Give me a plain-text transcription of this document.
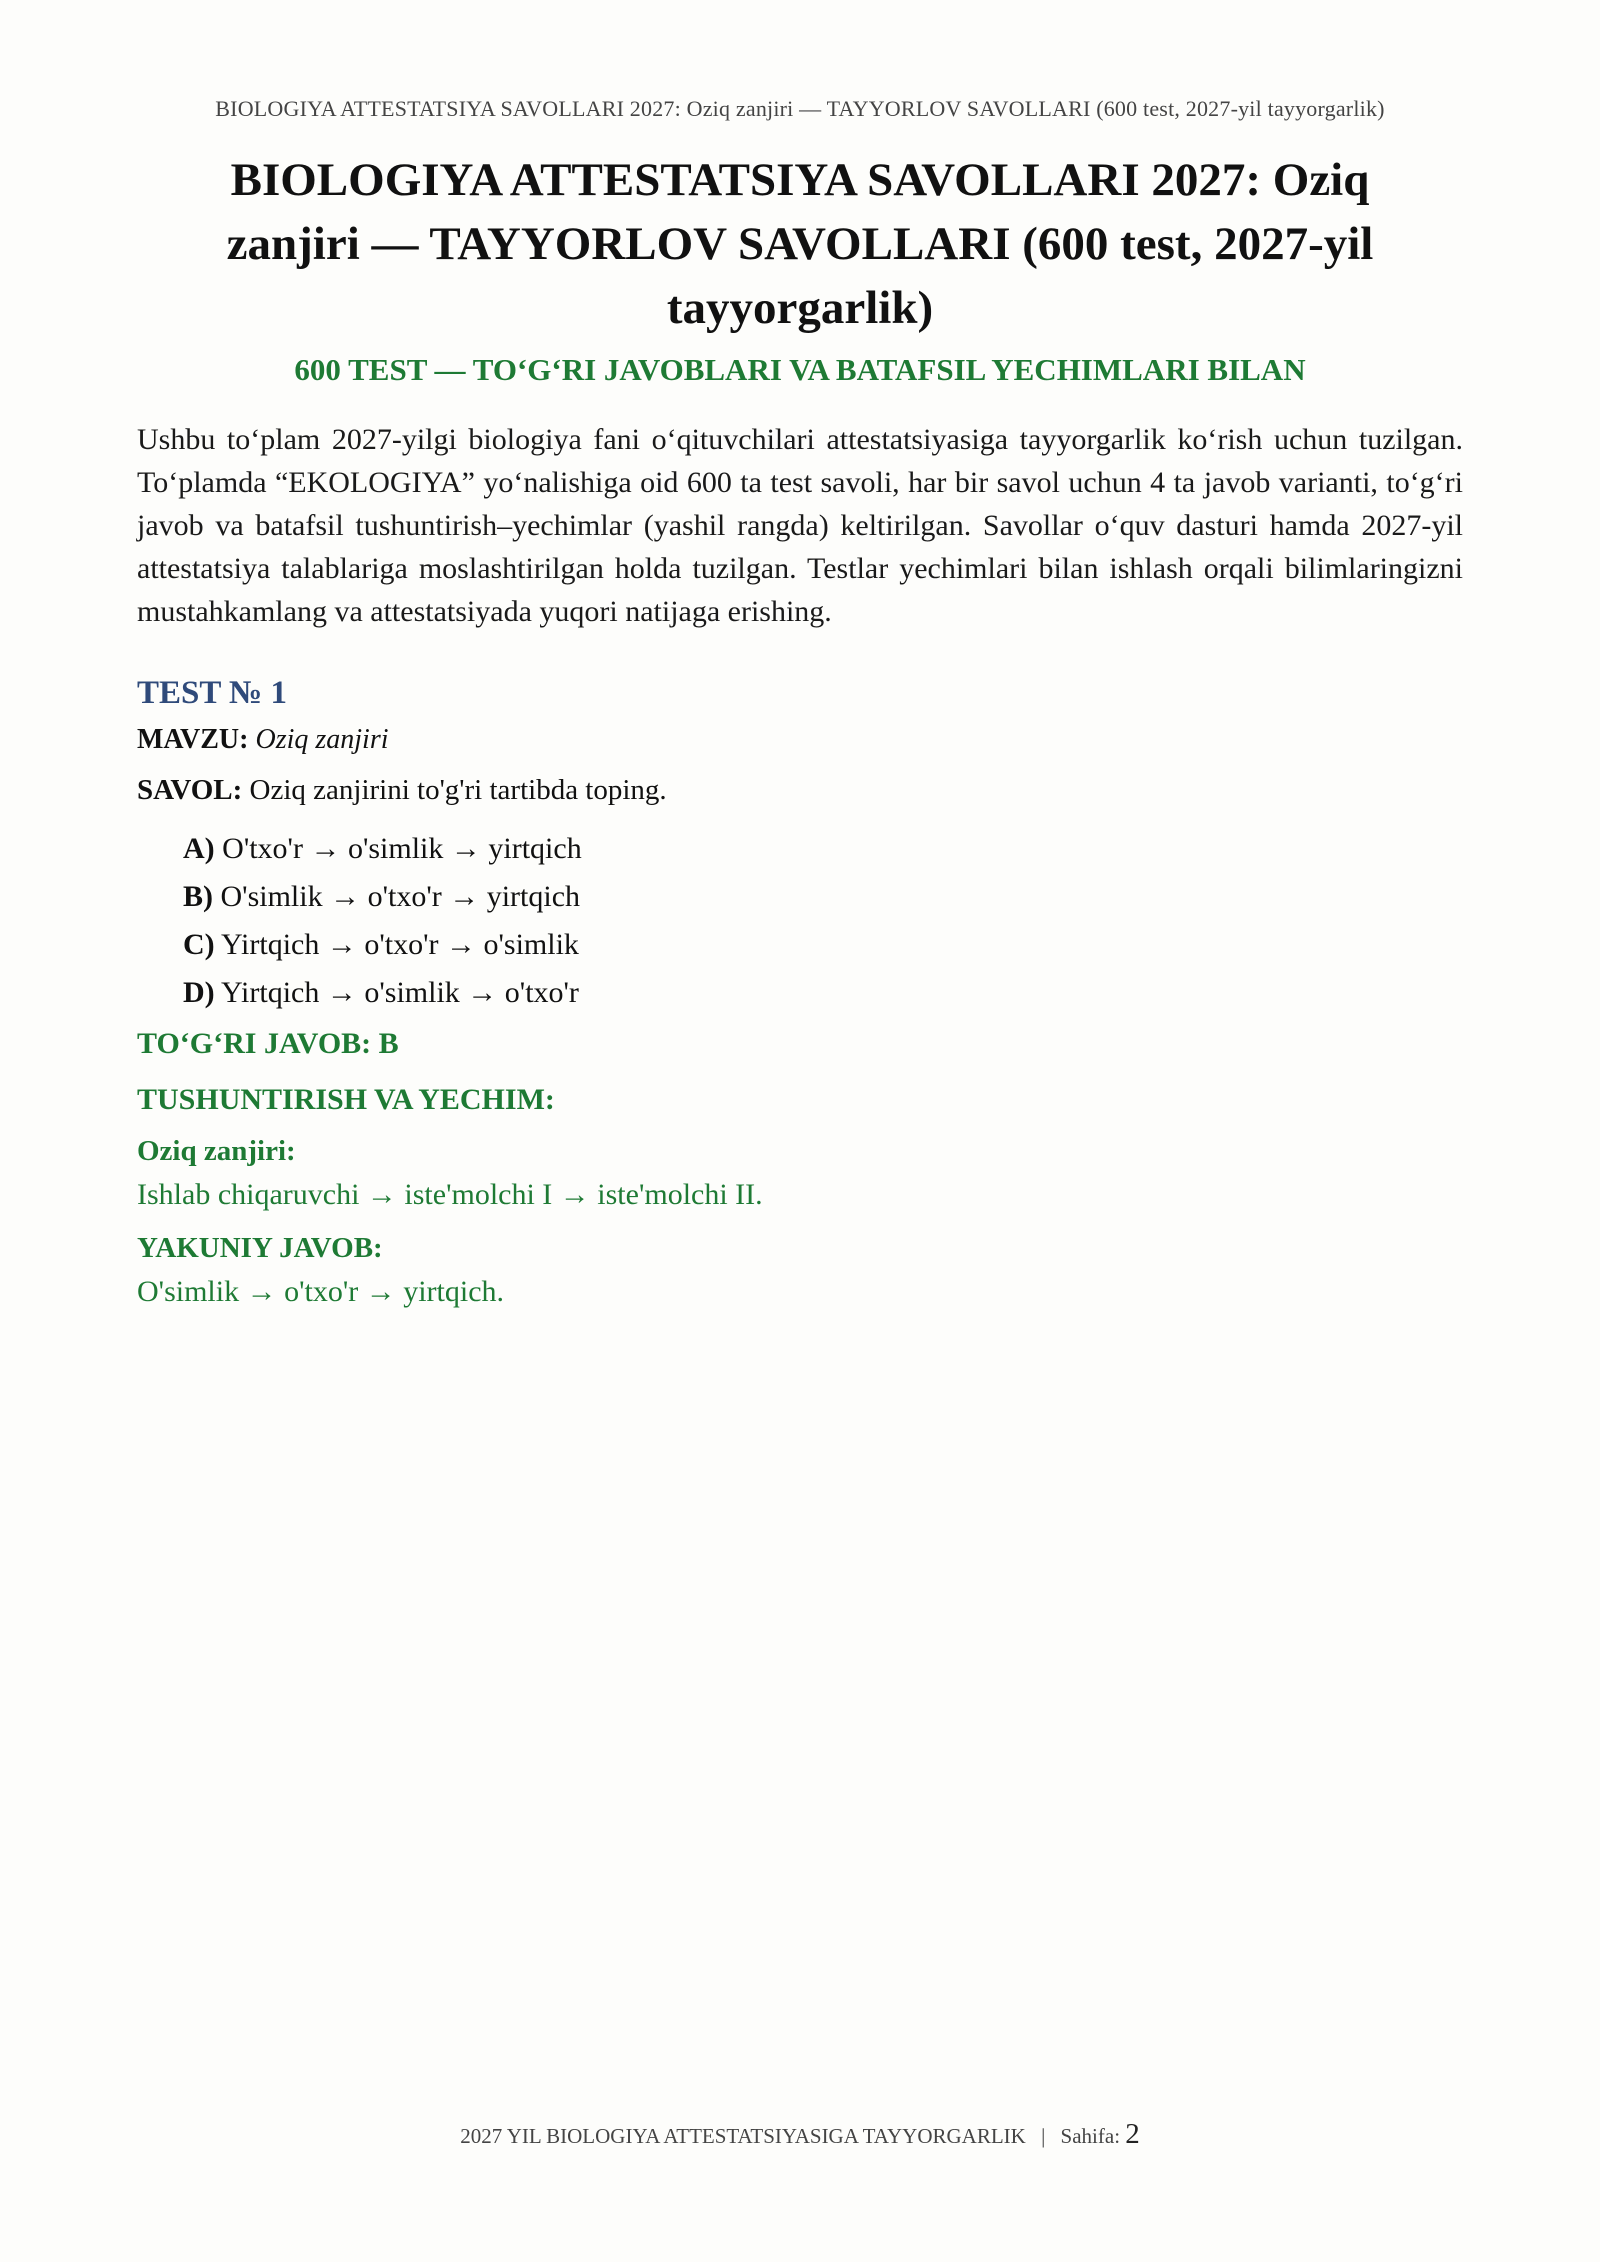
BIOLOGIYA ATTESTATSIYA SAVOLLARI 2027: Oziq zanjiri — TAYYORLOV SAVOLLARI (600 test, 2027-yil tayyorgarlik)
BIOLOGIYA ATTESTATSIYA SAVOLLARI 2027: Oziq zanjiri — TAYYORLOV SAVOLLARI (600 test, 2027-yil tayyorgarlik)
600 TEST — TO‘G‘RI JAVOBLARI VA BATAFSIL YECHIMLARI BILAN

Ushbu to‘plam 2027-yilgi biologiya fani o‘qituvchilari attestatsiyasiga tayyorgarlik ko‘rish uchun tuzilgan. To‘plamda “EKOLOGIYA” yo‘nalishiga oid 600 ta test savoli, har bir savol uchun 4 ta javob varianti, to‘g‘ri javob va batafsil tushuntirish–yechimlar (yashil rangda) keltirilgan. Savollar o‘quv dasturi hamda 2027-yil attestatsiya talablariga moslashtirilgan holda tuzilgan. Testlar yechimlari bilan ishlash orqali bilimlaringizni mustahkamlang va attestatsiyada yuqori natijaga erishing.

TEST № 1
MAVZU: Oziq zanjiri
SAVOL: Oziq zanjirini to'g'ri tartibda toping.
A) O'txo'r → o'simlik → yirtqich
B) O'simlik → o'txo'r → yirtqich
C) Yirtqich → o'txo'r → o'simlik
D) Yirtqich → o'simlik → o'txo'r
TO‘G‘RI JAVOB: B
TUSHUNTIRISH VA YECHIM:
Oziq zanjiri:
Ishlab chiqaruvchi → iste'molchi I → iste'molchi II.
YAKUNIY JAVOB:
O'simlik → o'txo'r → yirtqich.
2027 YIL BIOLOGIYA ATTESTATSIYASIGA TAYYORGARLIK | Sahifa: 2
